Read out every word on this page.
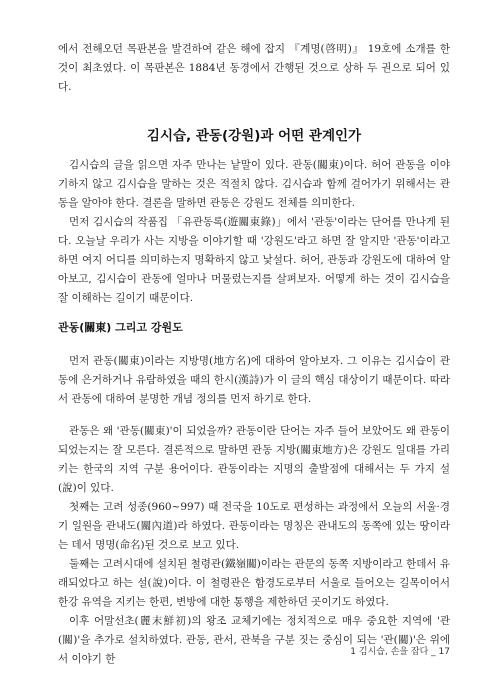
에서 전해오던 목판본을 발견하여 같은 해에 잡지 『계명(啓明)』 19호에 소개를 한 것이 최초였다. 이 목판본은 1884년 동경에서 간행된 것으로 상하 두 권으로 되어 있다.

김시습, 관동(강원)과 어떤 관계인가

김시습의 글을 읽으면 자주 만나는 낱말이 있다. 관동(關東)이다. 허어 관동을 이야기하지 않고 김시습을 말하는 것은 적절치 않다. 김시습과 함께 걸어가기 위해서는 관동을 알아야 한다. 결론을 말하면 관동은 강원도 전체를 의미한다.

먼저 김시습의 작품집 「유관동록(遊關東錄)」에서 '관동'이라는 단어를 만나게 된다. 오늘날 우리가 사는 지방을 이야기할 때 '강원도'라고 하면 잘 알지만 '관동'이라고 하면 여지 어디를 의미하는지 명확하지 않고 낯설다. 허어, 관동과 강원도에 대하여 알아보고, 김시습이 관동에 얼마나 머물렀는지를 살펴보자. 어떻게 하는 것이 김시습을 잘 이해하는 길이기 때문이다.

관동(關東) 그리고 강원도

먼저 관동(關東)이라는 지방명(地方名)에 대하여 알아보자. 그 이유는 김시습이 관동에 은거하거나 유람하였을 때의 한시(漢詩)가 이 글의 핵심 대상이기 때문이다. 따라서 관동에 대하여 분명한 개념 정의를 먼저 하기로 한다.

관동은 왜 '관동(關東)'이 되었을까? 관동이란 단어는 자주 들어 보았어도 왜 관동이 되었는지는 잘 모른다. 결론적으로 말하면 관동 지방(關東地方)은 강원도 일대를 가리키는 한국의 지역 구분 용어이다. 관동이라는 지명의 출발점에 대해서는 두 가지 설(說)이 있다.

첫째는 고려 성종(960~997) 때 전국을 10도로 편성하는 과정에서 오늘의 서울·경기 일원을 관내도(關內道)라 하였다. 관동이라는 명칭은 관내도의 동쪽에 있는 땅이라는 데서 명명(命名)된 것으로 보고 있다.

둘째는 고려시대에 설치된 철령관(鐵嶺關)이라는 관문의 동쪽 지방이라고 한데서 유래되었다고 하는 설(說)이다. 이 철령관은 함경도로부터 서울로 들어오는 길목이어서 한강 유역을 지키는 한편, 변방에 대한 통행을 제한하던 곳이기도 하였다.

이후 어말선초(麗末鮮初)의 왕조 교체기에는 정치적으로 매우 중요한 지역에 '관(關)'을 추가로 설치하였다. 관동, 관서, 관북을 구분 짓는 중심이 되는 '관(關)'은 위에서 이야기 한

1 김시습, 손을 잡다 _ 17
